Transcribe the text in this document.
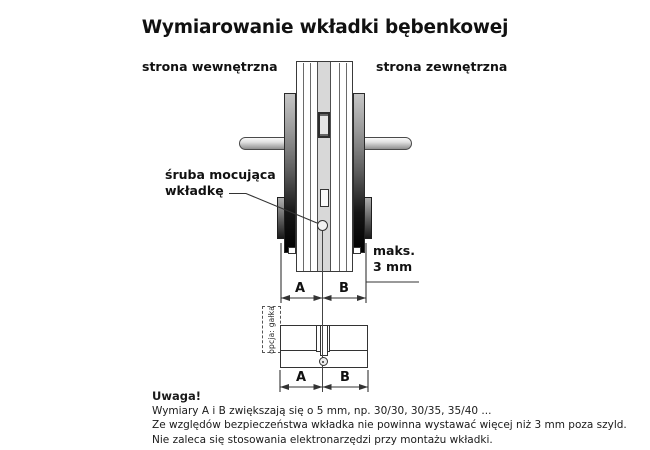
Wymiarowanie wkładki bębenkowej
strona wewnętrzna	strona zewnętrzna
śruba mocująca
wkładkę
maks.
3 mm
A	B
A	B
opcja: gałka
Uwaga!
Wymiary A i B zwiększają się o 5 mm, np. 30/30, 30/35, 35/40 ...
Ze względów bezpieczeństwa wkładka nie powinna wystawać więcej niż 3 mm poza szyld.
Nie zaleca się stosowania elektronarzędzi przy montażu wkładki.
